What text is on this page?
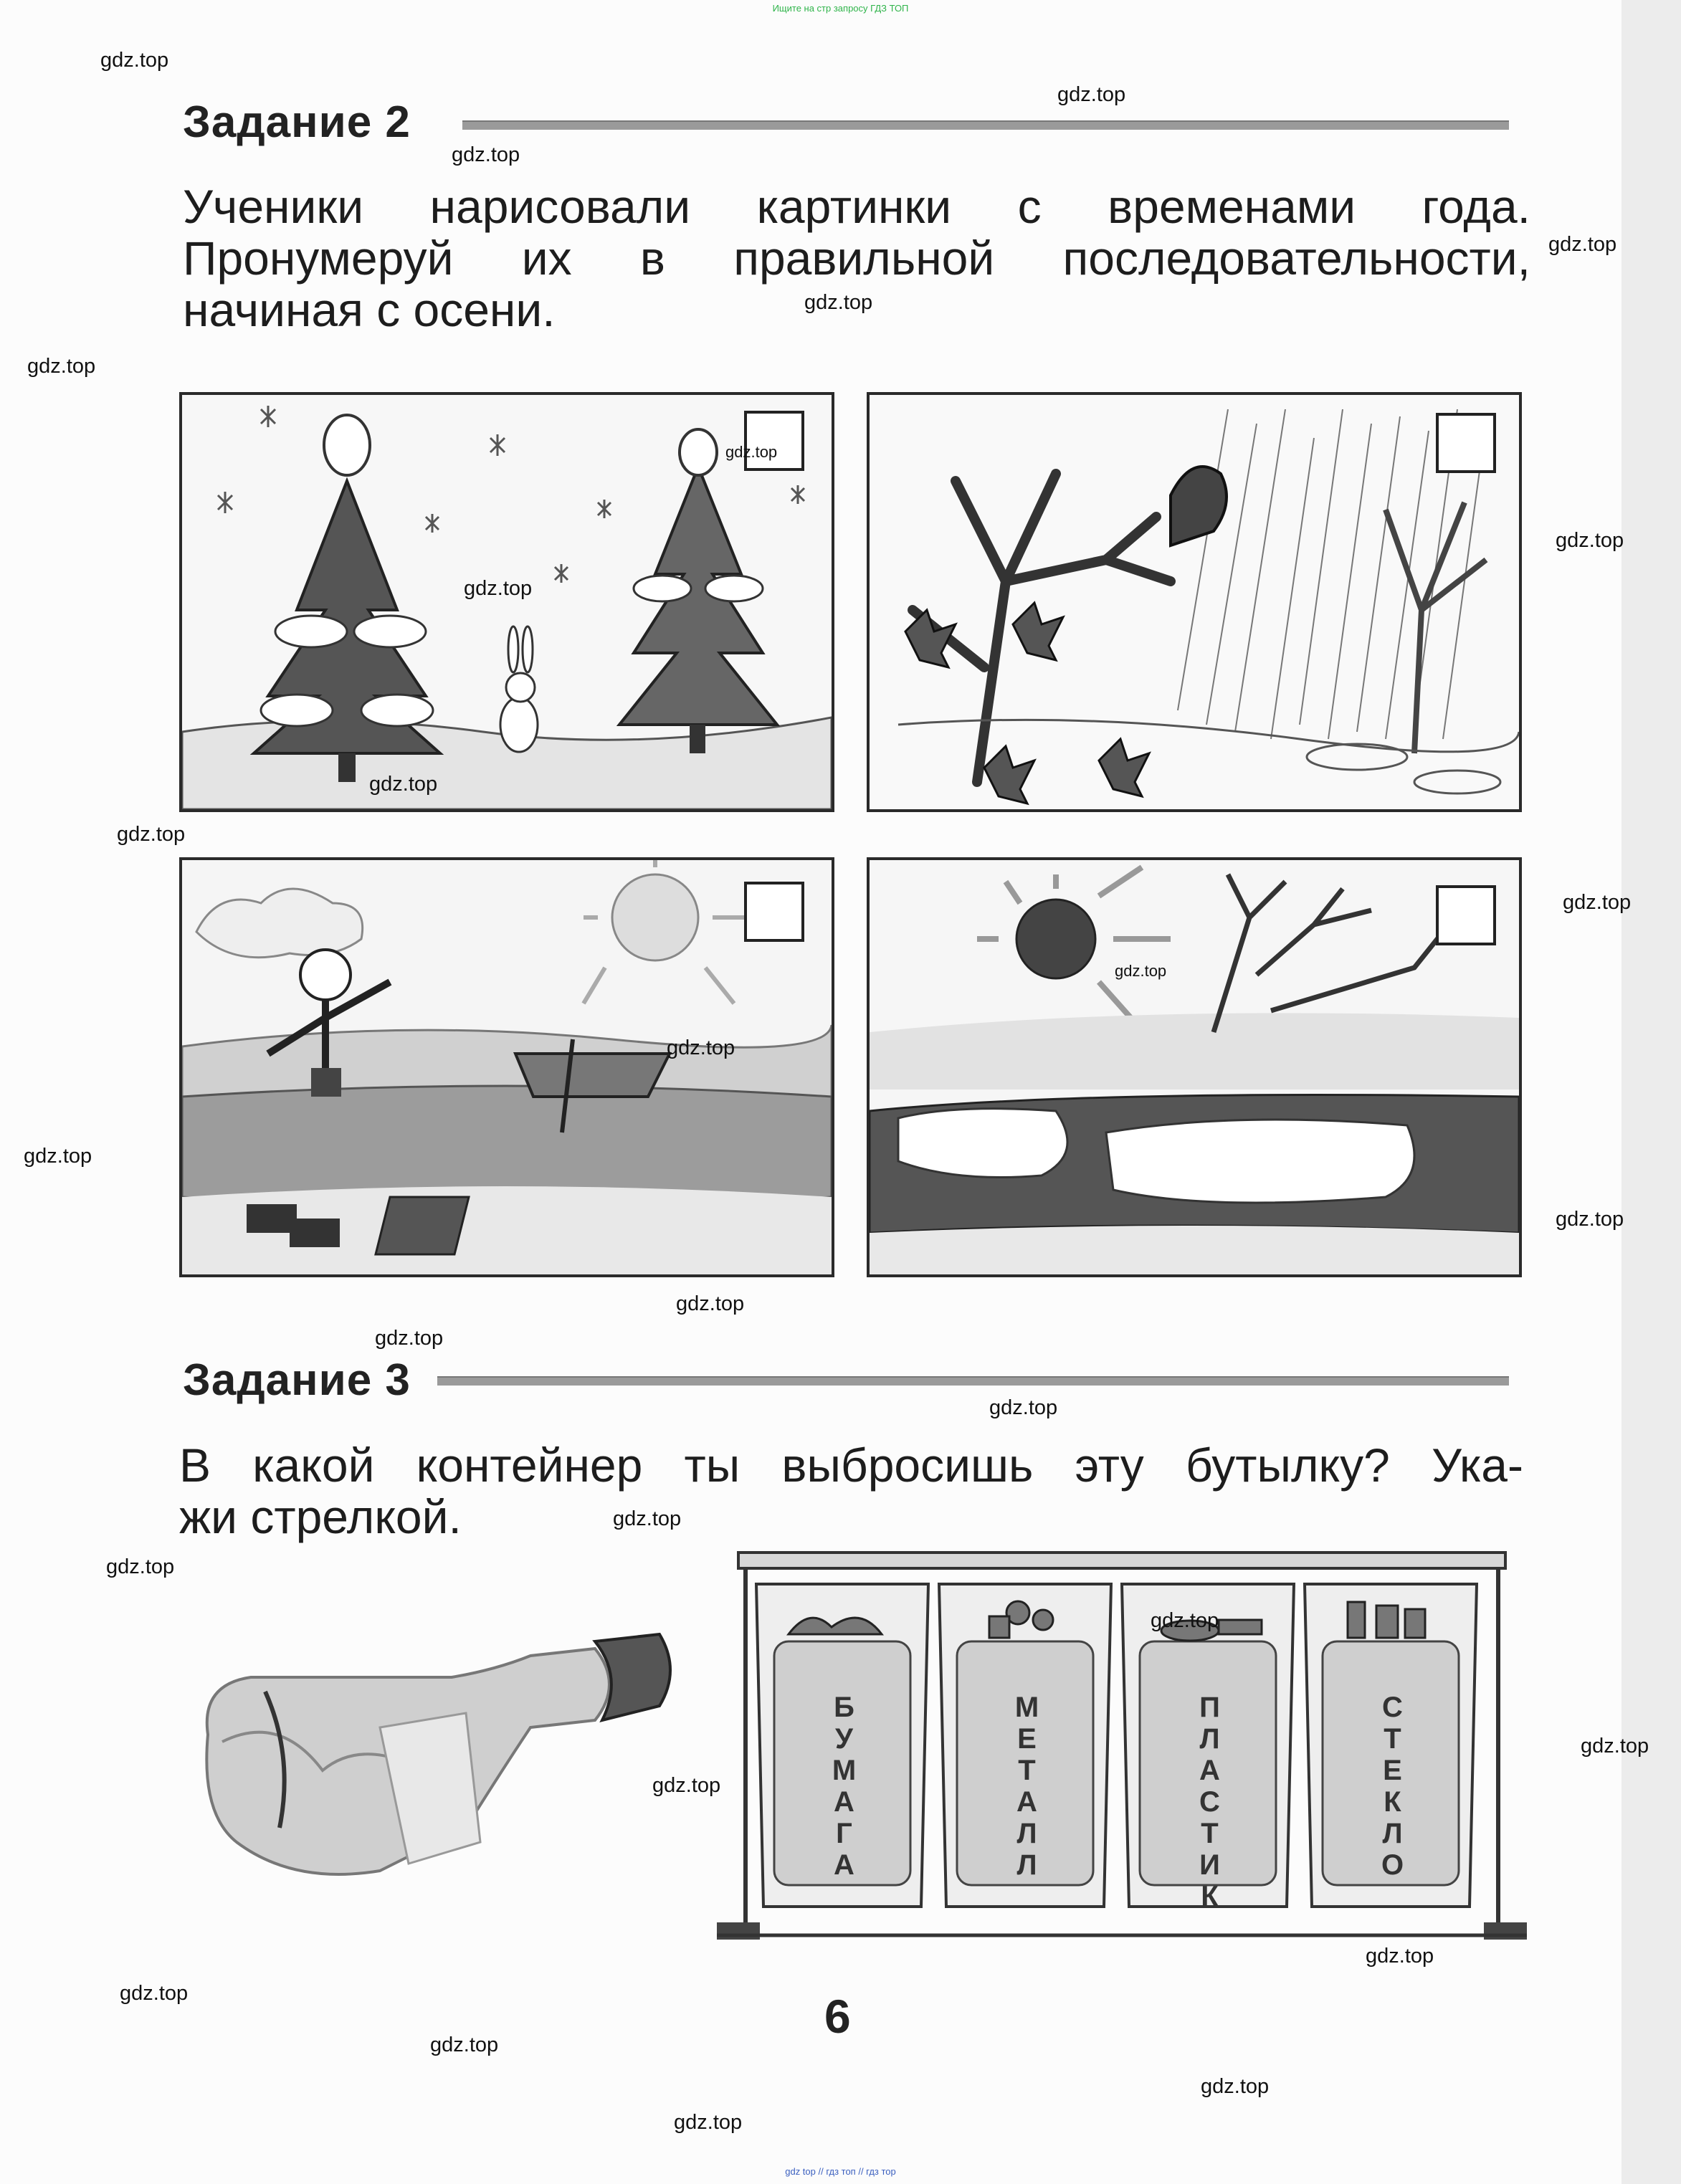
Ищите на стр запросу ГДЗ ТОП
Задание 2
Ученики нарисовали картинки с временами года.
Пронумеруй их в правильной последовательности,
начиная с осени.
Задание 3
В какой контейнер ты выбросишь эту бутылку? Ука-
жи стрелкой.
БУМАГА	МЕТАЛЛ	ПЛАСТИК	СТЕКЛО
6
gdz.top
gdz.top
gdz.top
gdz.top
gdz.top
gdz.top
gdz.top
gdz.top
gdz.top
gdz.top
gdz.top
gdz.top
gdz.top
gdz.top
gdz.top
gdz.top
gdz.top
gdz.top
gdz.top
gdz.top
gdz.top
gdz.top
gdz.top
gdz.top
gdz.top
gdz.top
gdz.top
gdz.top
gdz.top
gdz top // гдз топ // гдз тор
